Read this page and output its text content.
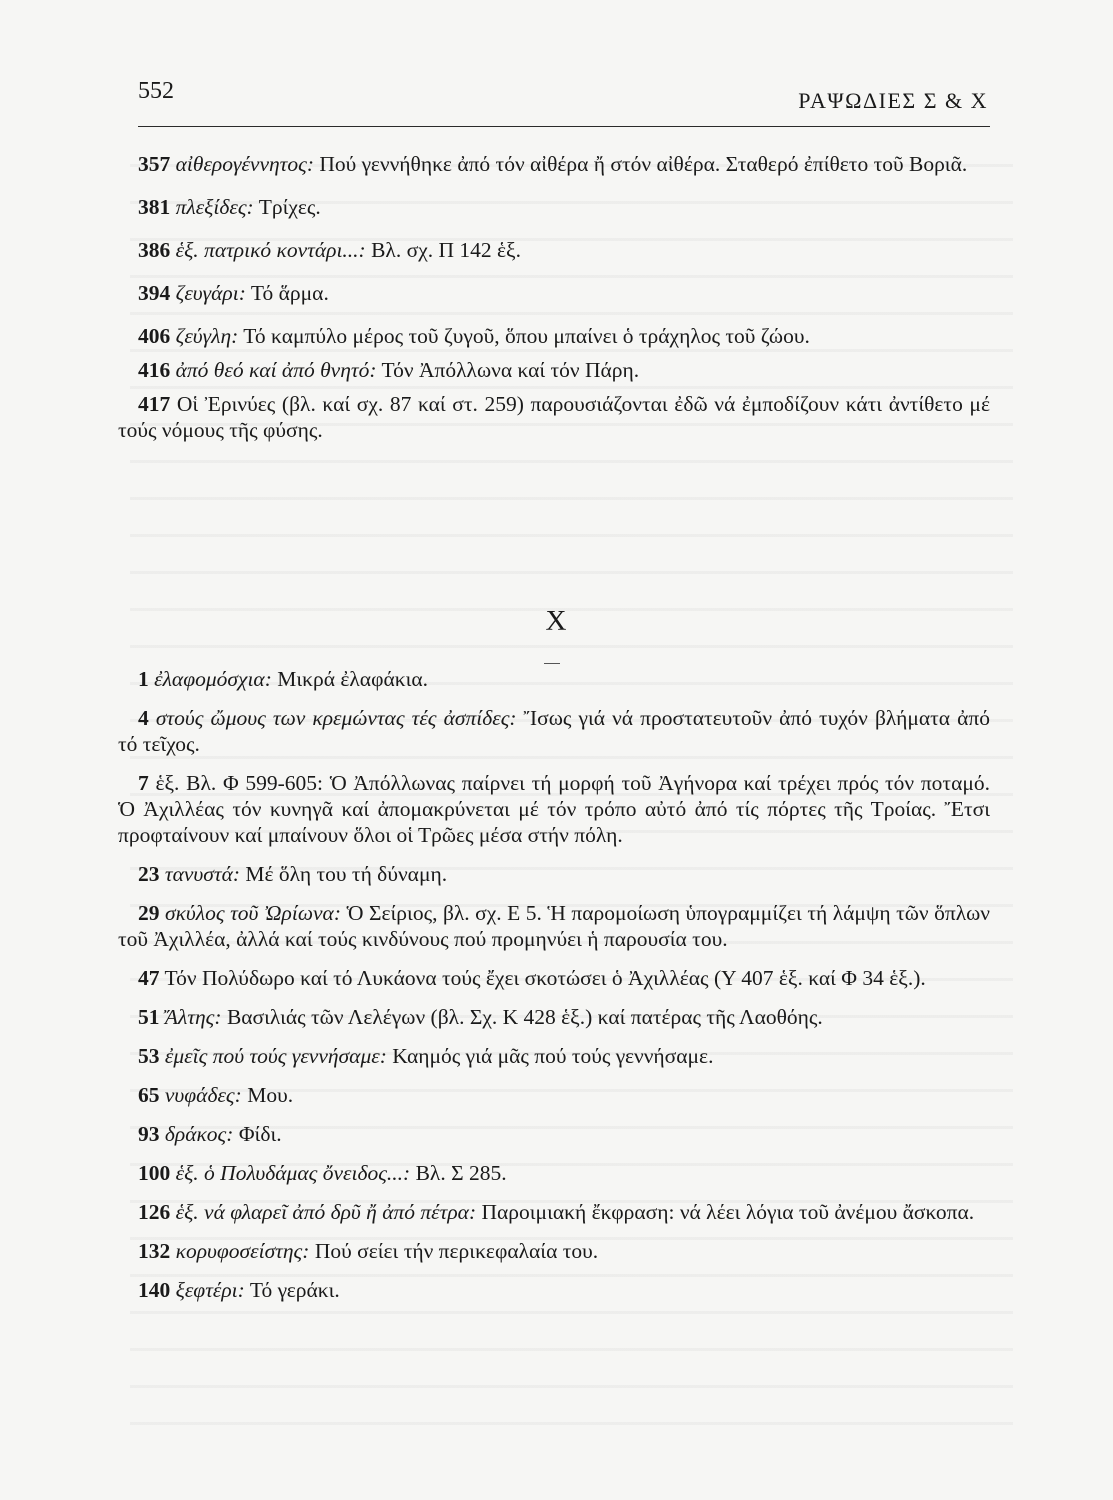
552	ΡΑΨΩΔΙΕΣ Σ & Χ

357 αἰθερογέννητος: Πού γεννήθηκε ἀπό τόν αἰθέρα ἤ στόν αἰθέρα. Σταθερό ἐπίθετο τοῦ Βοριᾶ.

381 πλεξίδες: Τρίχες.

386 ἑξ. πατρικό κοντάρι...: Βλ. σχ. Π 142 ἑξ.

394 ζευγάρι: Τό ἅρμα.

406 ζεύγλη: Τό καμπύλο μέρος τοῦ ζυγοῦ, ὅπου μπαίνει ὁ τράχηλος τοῦ ζώου.

416 ἀπό θεό καί ἀπό θνητό: Τόν Ἀπόλλωνα καί τόν Πάρη.

417 Οἱ Ἐρινύες (βλ. καί σχ. 87 καί στ. 259) παρουσιάζονται ἐδῶ νά ἐμποδίζουν κάτι ἀντίθετο μέ τούς νόμους τῆς φύσης.

Χ

1 ἐλαφομόσχια: Μικρά ἐλαφάκια.

4 στούς ὤμους των κρεμώντας τές ἀσπίδες: Ἴσως γιά νά προστατευτοῦν ἀπό τυχόν βλήματα ἀπό τό τεῖχος.

7 ἑξ. Βλ. Φ 599-605: Ὁ Ἀπόλλωνας παίρνει τή μορφή τοῦ Ἀγήνορα καί τρέχει πρός τόν ποταμό. Ὁ Ἀχιλλέας τόν κυνηγᾶ καί ἀπομακρύνεται μέ τόν τρόπο αὐτό ἀπό τίς πόρτες τῆς Τροίας. Ἔτσι προφταίνουν καί μπαίνουν ὅλοι οἱ Τρῶες μέσα στήν πόλη.

23 τανυστά: Μέ ὅλη του τή δύναμη.

29 σκύλος τοῦ Ὠρίωνα: Ὁ Σείριος, βλ. σχ. Ε 5. Ἡ παρομοίωση ὑπογραμμίζει τή λάμψη τῶν ὅπλων τοῦ Ἀχιλλέα, ἀλλά καί τούς κινδύνους πού προμηνύει ἡ παρουσία του.

47 Τόν Πολύδωρο καί τό Λυκάονα τούς ἔχει σκοτώσει ὁ Ἀχιλλέας (Υ 407 ἑξ. καί Φ 34 ἑξ.).

51 Ἄλτης: Βασιλιάς τῶν Λελέγων (βλ. Σχ. Κ 428 ἑξ.) καί πατέρας τῆς Λαοθόης.

53 ἐμεῖς πού τούς γεννήσαμε: Καημός γιά μᾶς πού τούς γεννήσαμε.

65 νυφάδες: Μου.

93 δράκος: Φίδι.

100 ἑξ. ὁ Πολυδάμας ὄνειδος...: Βλ. Σ 285.

126 ἑξ. νά φλαρεῖ ἀπό δρῦ ἤ ἀπό πέτρα: Παροιμιακή ἔκφραση: νά λέει λόγια τοῦ ἀνέμου ἄσκοπα.

132 κορυφοσείστης: Πού σείει τήν περικεφαλαία του.

140 ξεφτέρι: Τό γεράκι.
